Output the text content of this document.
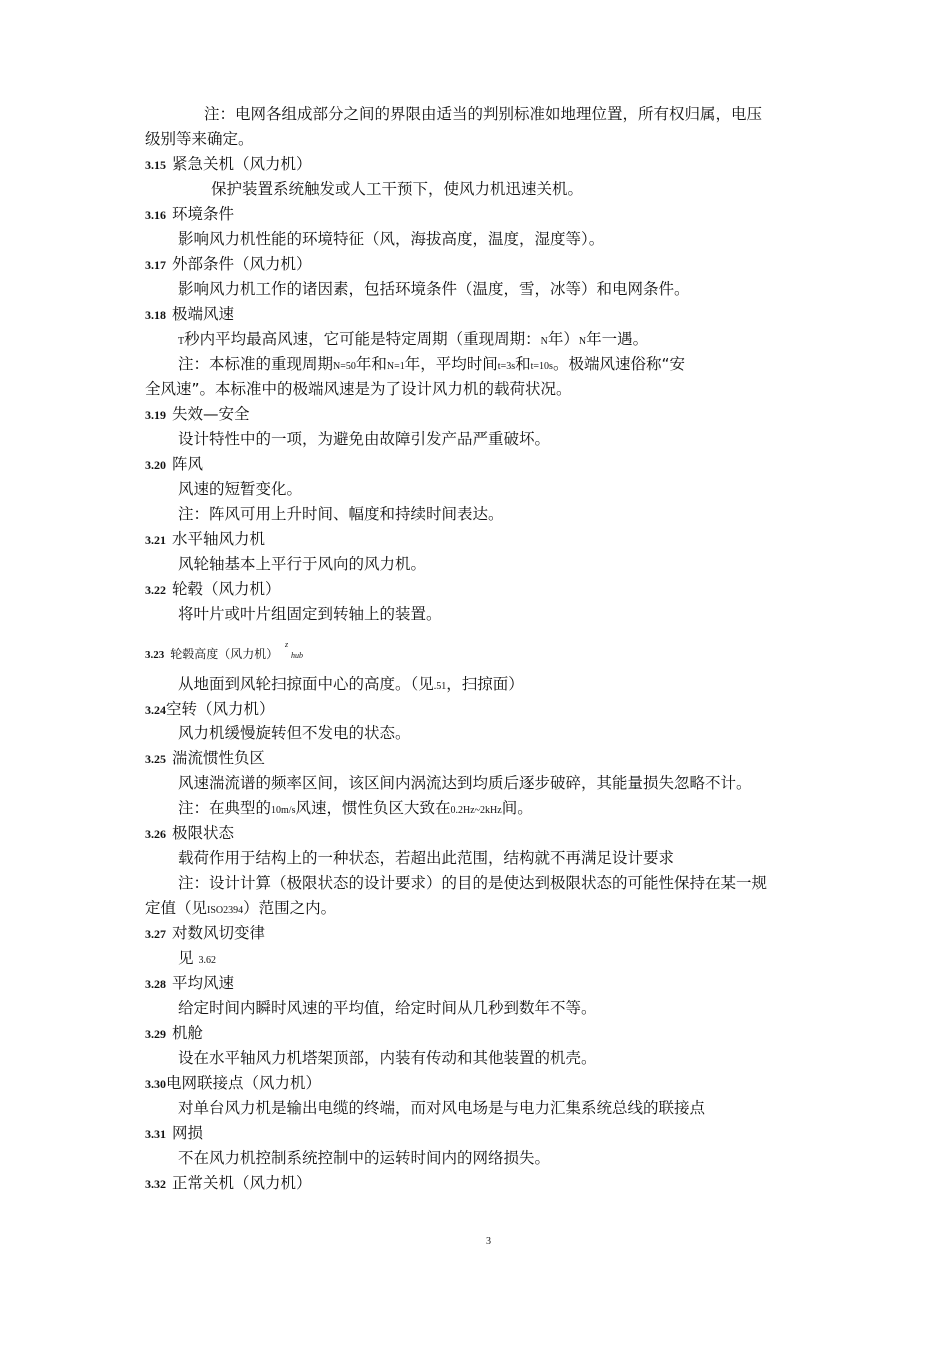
注：电网各组成部分之间的界限由适当的判别标准如地理位置，所有权归属，电压
级别等来确定。
3.15 紧急关机（风力机）
保护装置系统触发或人工干预下，使风力机迅速关机。
3.16 环境条件
影响风力机性能的环境特征（风，海拔高度，温度，湿度等）。
3.17 外部条件（风力机）
影响风力机工作的诸因素，包括环境条件（温度，雪，冰等）和电网条件。
3.18 极端风速
T秒内平均最高风速，它可能是特定周期（重现周期：N年）N年一遇。
注：本标准的重现周期N=50年和N=1年，平均时间t=3s和t=10s。极端风速俗称“安
全风速”。本标准中的极端风速是为了设计风力机的载荷状况。
3.19 失效—安全
设计特性中的一项，为避免由故障引发产品严重破坏。
3.20 阵风
风速的短暂变化。
注：阵风可用上升时间、幅度和持续时间表达。
3.21 水平轴风力机
风轮轴基本上平行于风向的风力机。
3.22 轮毂（风力机）
将叶片或叶片组固定到转轴上的装置。
3.23 轮毂高度（风力机）
z
hub
从地面到风轮扫掠面中心的高度。（见.51，扫掠面）
3.24空转（风力机）
风力机缓慢旋转但不发电的状态。
3.25 湍流惯性负区
风速湍流谱的频率区间，该区间内涡流达到均质后逐步破碎，其能量损失忽略不计。
注：在典型的10m/s风速，惯性负区大致在0.2Hz~2kHz间。
3.26 极限状态
载荷作用于结构上的一种状态，若超出此范围，结构就不再满足设计要求
注：设计计算（极限状态的设计要求）的目的是使达到极限状态的可能性保持在某一规
定值（见ISO2394）范围之内。
3.27 对数风切变律
见 3.62
3.28 平均风速
给定时间内瞬时风速的平均值，给定时间从几秒到数年不等。
3.29 机舱
设在水平轴风力机塔架顶部，内装有传动和其他装置的机壳。
3.30电网联接点（风力机）
对单台风力机是输出电缆的终端，而对风电场是与电力汇集系统总线的联接点
3.31 网损
不在风力机控制系统控制中的运转时间内的网络损失。
3.32 正常关机（风力机）
3
